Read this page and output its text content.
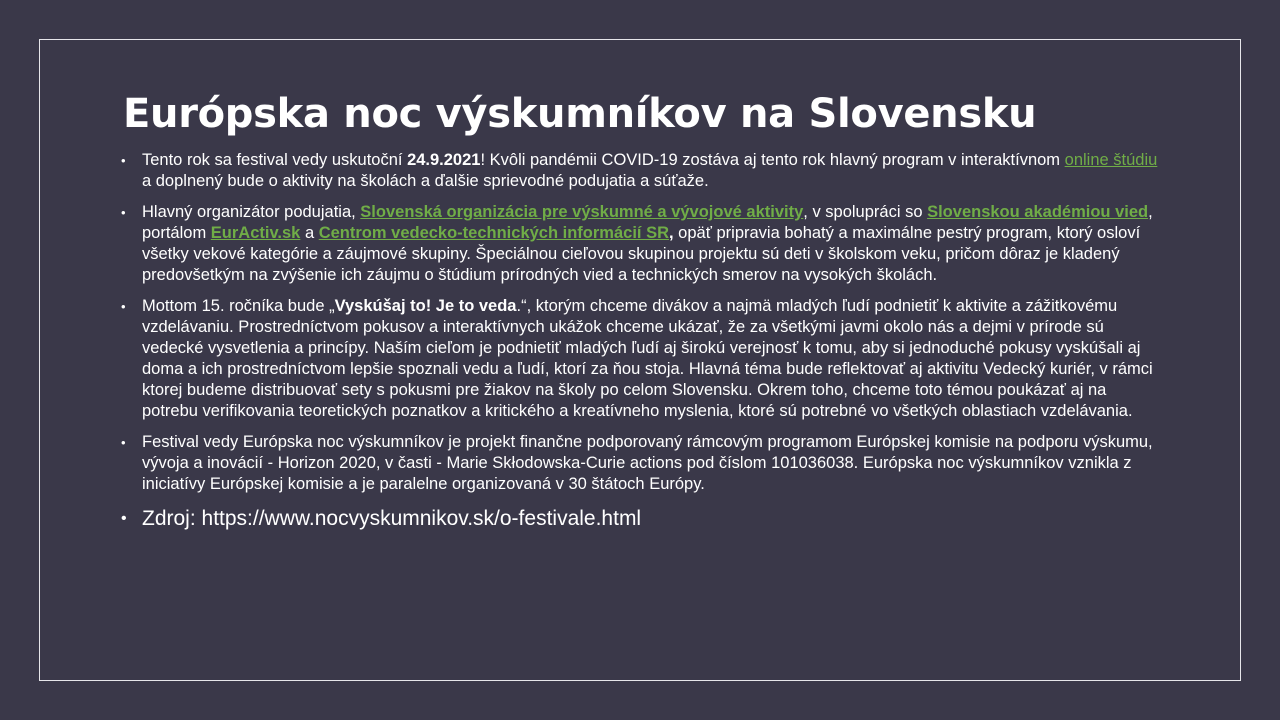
Európska noc výskumníkov na Slovensku
• Tento rok sa festival vedy uskutoční 24.9.2021! Kvôli pandémii COVID-19 zostáva aj tento rok hlavný program v interaktívnom online štúdiu a doplnený bude o aktivity na školách a ďalšie sprievodné podujatia a súťaže.
• Hlavný organizátor podujatia, Slovenská organizácia pre výskumné a vývojové aktivity, v spolupráci so Slovenskou akadémiou vied, portálom EurActiv.sk a Centrom vedecko-technických informácií SR, opäť pripravia bohatý a maximálne pestrý program, ktorý osloví všetky vekové kategórie a záujmové skupiny. Špeciálnou cieľovou skupinou projektu sú deti v školskom veku, pričom dôraz je kladený predovšetkým na zvýšenie ich záujmu o štúdium prírodných vied a technických smerov na vysokých školách.
• Mottom 15. ročníka bude „Vyskúšaj to! Je to veda.“, ktorým chceme divákov a najmä mladých ľudí podnietiť k aktivite a zážitkovému vzdelávaniu. Prostredníctvom pokusov a interaktívnych ukážok chceme ukázať, že za všetkými javmi okolo nás a dejmi v prírode sú vedecké vysvetlenia a princípy. Naším cieľom je podnietiť mladých ľudí aj širokú verejnosť k tomu, aby si jednoduché pokusy vyskúšali aj doma a ich prostredníctvom lepšie spoznali vedu a ľudí, ktorí za ňou stoja. Hlavná téma bude reflektovať aj aktivitu Vedecký kuriér, v rámci ktorej budeme distribuovať sety s pokusmi pre žiakov na školy po celom Slovensku. Okrem toho, chceme toto témou poukázať aj na potrebu verifikovania teoretických poznatkov a kritického a kreatívneho myslenia, ktoré sú potrebné vo všetkých oblastiach vzdelávania.
• Festival vedy Európska noc výskumníkov je projekt finančne podporovaný rámcovým programom Európskej komisie na podporu výskumu, vývoja a inovácií - Horizon 2020, v časti - Marie Skłodowska-Curie actions pod číslom 101036038. Európska noc výskumníkov vznikla z iniciatívy Európskej komisie a je paralelne organizovaná v 30 štátoch Európy.
• Zdroj: https://www.nocvyskumnikov.sk/o-festivale.html
